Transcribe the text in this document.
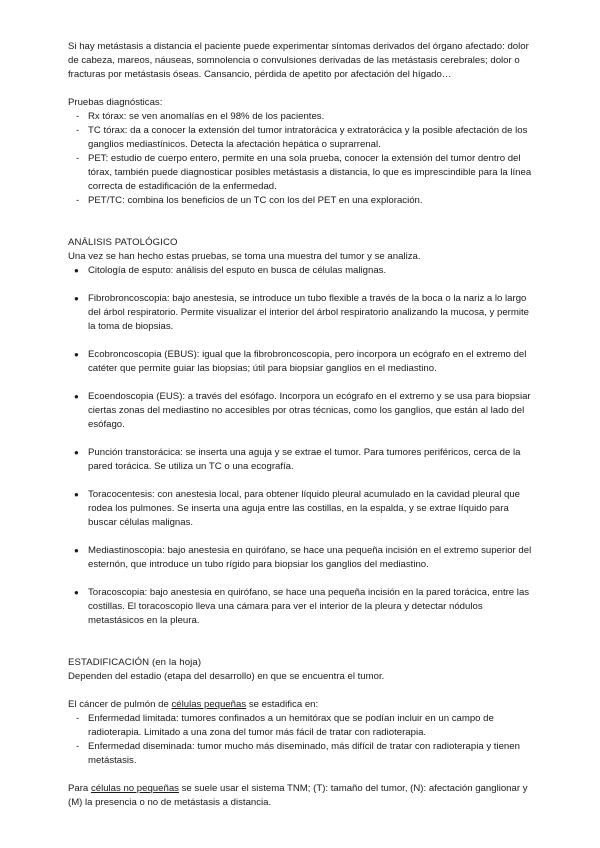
Si hay metástasis a distancia el paciente puede experimentar síntomas derivados del órgano afectado: dolor de cabeza, mareos, náuseas, somnolencia o convulsiones derivadas de las metástasis cerebrales; dolor o fracturas por metástasis óseas. Cansancio, pérdida de apetito por afectación del hígado…

Pruebas diagnósticas:

- Rx tórax: se ven anomalías en el 98% de los pacientes.
- TC tórax: da a conocer la extensión del tumor intratorácica y extratorácica y la posible afectación de los ganglios mediastínicos. Detecta la afectación hepática o suprarrenal.
- PET: estudio de cuerpo entero, permite en una sola prueba, conocer la extensión del tumor dentro del tórax, también puede diagnosticar posibles metástasis a distancia, lo que es imprescindible para la línea correcta de estadificación de la enfermedad.
- PET/TC: combina los beneficios de un TC con los del PET en una exploración.

ANÁLISIS PATOLÓGICO

Una vez se han hecho estas pruebas, se toma una muestra del tumor y se analiza.

● Citología de esputo: análisis del esputo en busca de células malignas.
● Fibrobroncoscopia: bajo anestesia, se introduce un tubo flexible a través de la boca o la nariz a lo largo del árbol respiratorio. Permite visualizar el interior del árbol respiratorio analizando la mucosa, y permite la toma de biopsias.
● Ecobroncoscopia (EBUS): igual que la fibrobroncoscopia, pero incorpora un ecógrafo en el extremo del catéter que permite guiar las biopsias; útil para biopsiar ganglios en el mediastino.
● Ecoendoscopia (EUS): a través del esófago. Incorpora un ecógrafo en el extremo y se usa para biopsiar ciertas zonas del mediastino no accesibles por otras técnicas, como los ganglios, que están al lado del esófago.
● Punción transtorácica: se inserta una aguja y se extrae el tumor. Para tumores periféricos, cerca de la pared torácica. Se utiliza un TC o una ecografía.
● Toracocentesis: con anestesia local, para obtener líquido pleural acumulado en la cavidad pleural que rodea los pulmones. Se inserta una aguja entre las costillas, en la espalda, y se extrae líquido para buscar células malignas.
● Mediastinoscopia: bajo anestesia en quirófano, se hace una pequeña incisión en el extremo superior del esternón, que introduce un tubo rígido para biopsiar los ganglios del mediastino.
● Toracoscopia: bajo anestesia en quirófano, se hace una pequeña incisión en la pared torácica, entre las costillas. El toracoscopio lleva una cámara para ver el interior de la pleura y detectar nódulos metastásicos en la pleura.

ESTADIFICACIÓN (en la hoja)

Dependen del estadio (etapa del desarrollo) en que se encuentra el tumor.

El cáncer de pulmón de células pequeñas se estadifica en:

- Enfermedad limitada: tumores confinados a un hemitórax que se podían incluir en un campo de radioterapia. Limitado a una zona del tumor más fácil de tratar con radioterapia.
- Enfermedad diseminada: tumor mucho más diseminado, más difícil de tratar con radioterapia y tienen metástasis.

Para células no pequeñas se suele usar el sistema TNM; (T): tamaño del tumor, (N): afectación ganglionar y (M) la presencia o no de metástasis a distancia.
